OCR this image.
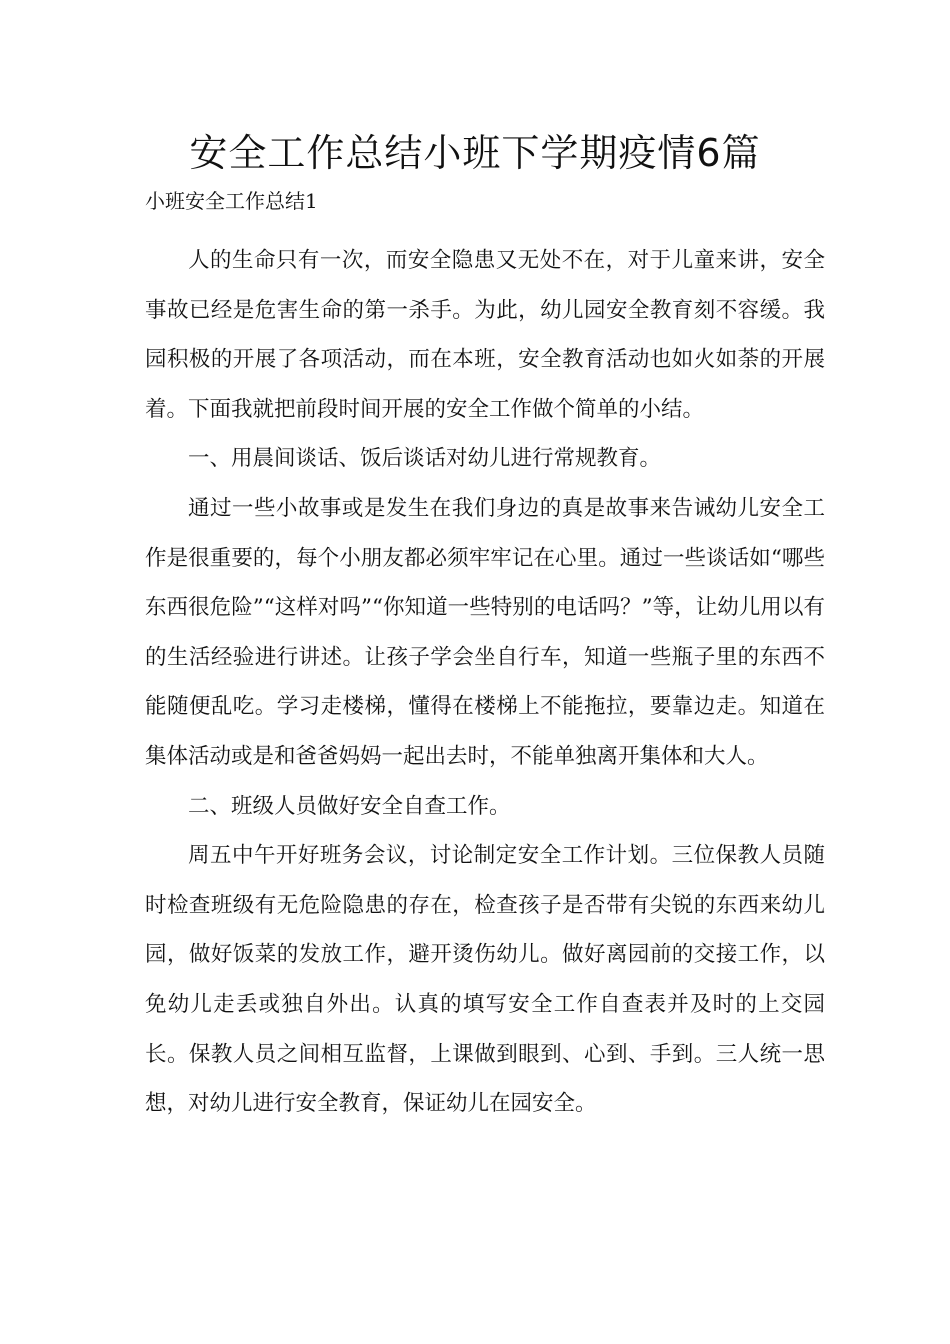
安全工作总结小班下学期疫情6篇
小班安全工作总结1

人的生命只有一次，而安全隐患又无处不在，对于儿童来讲，安全事故已经是危害生命的第一杀手。为此，幼儿园安全教育刻不容缓。我园积极的开展了各项活动，而在本班，安全教育活动也如火如荼的开展着。下面我就把前段时间开展的安全工作做个简单的小结。

一、用晨间谈话、饭后谈话对幼儿进行常规教育。

通过一些小故事或是发生在我们身边的真是故事来告诫幼儿安全工作是很重要的，每个小朋友都必须牢牢记在心里。通过一些谈话如“哪些东西很危险”“这样对吗”“你知道一些特别的电话吗？”等，让幼儿用以有的生活经验进行讲述。让孩子学会坐自行车，知道一些瓶子里的东西不能随便乱吃。学习走楼梯，懂得在楼梯上不能拖拉，要靠边走。知道在集体活动或是和爸爸妈妈一起出去时，不能单独离开集体和大人。

二、班级人员做好安全自查工作。

周五中午开好班务会议，讨论制定安全工作计划。三位保教人员随时检查班级有无危险隐患的存在，检查孩子是否带有尖锐的东西来幼儿园，做好饭菜的发放工作，避开烫伤幼儿。做好离园前的交接工作，以免幼儿走丢或独自外出。认真的填写安全工作自查表并及时的上交园长。保教人员之间相互监督，上课做到眼到、心到、手到。三人统一思想，对幼儿进行安全教育，保证幼儿在园安全。
